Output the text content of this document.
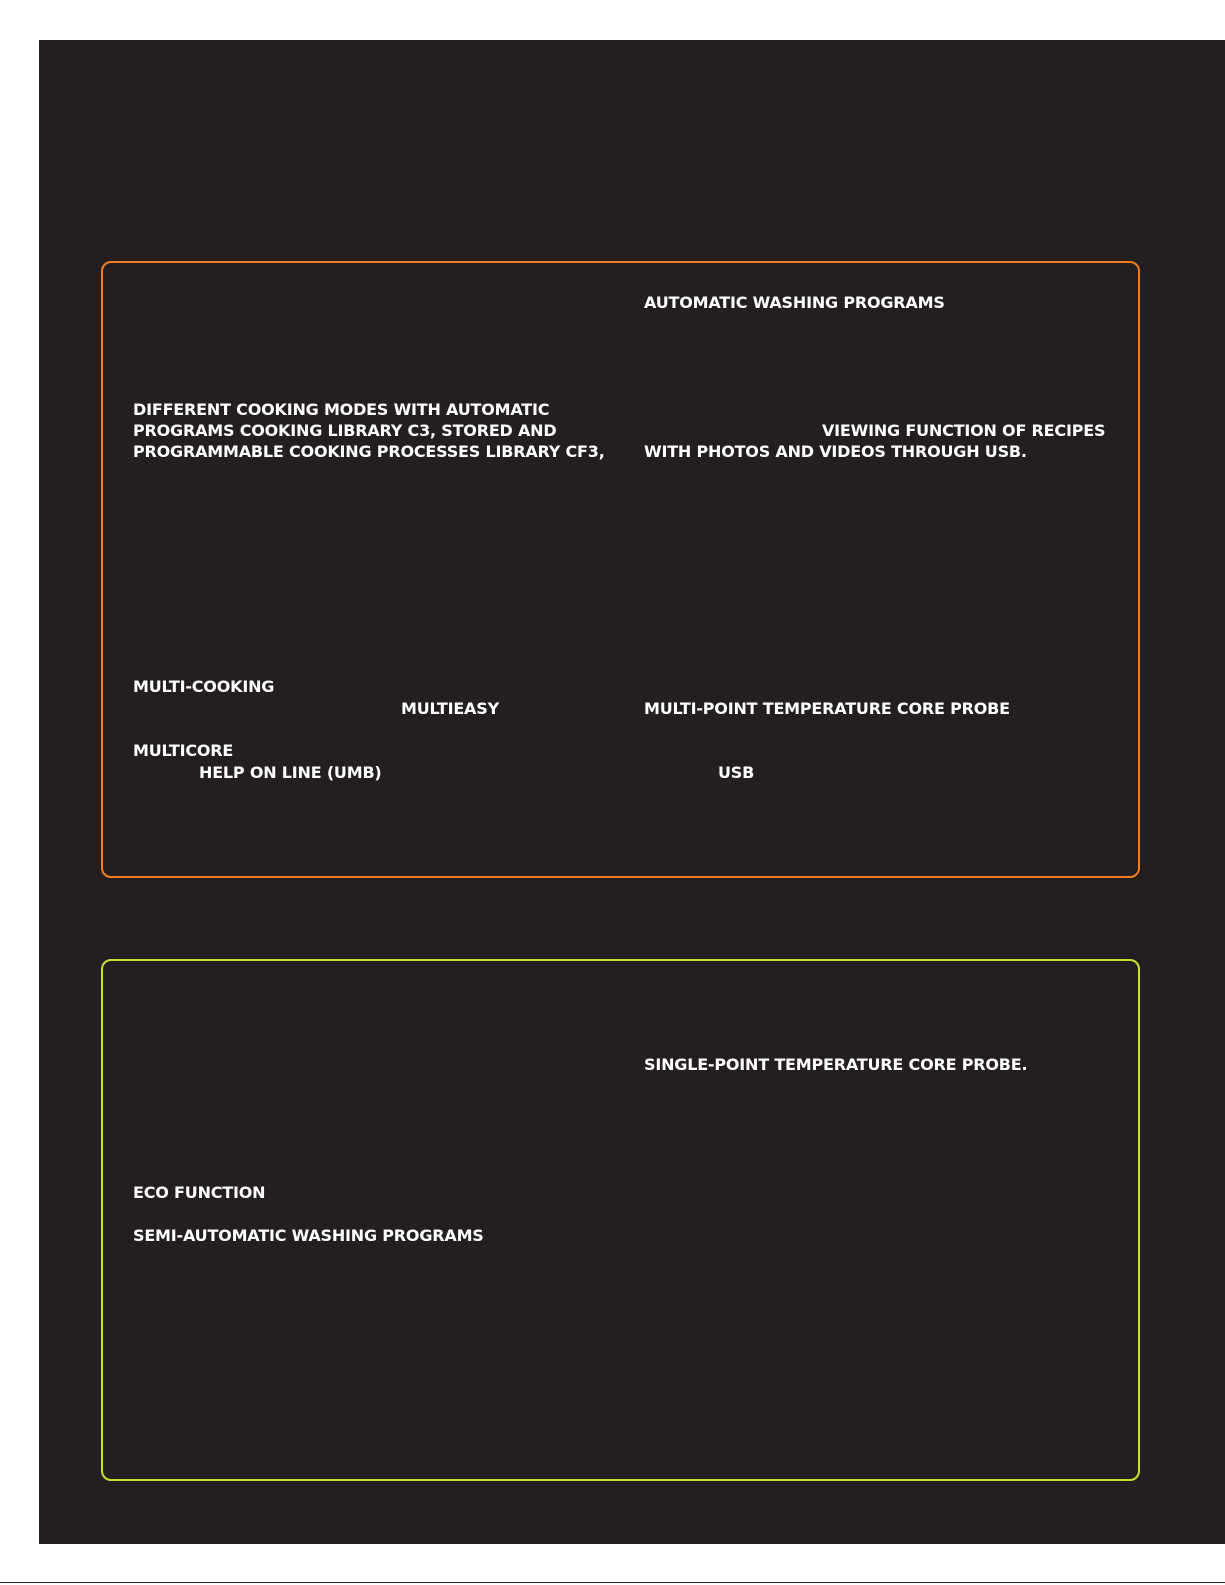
AUTOMATIC WASHING PROGRAMS
DIFFERENT COOKING MODES WITH AUTOMATIC
PROGRAMS COOKING LIBRARY C3, STORED AND
PROGRAMMABLE COOKING PROCESSES LIBRARY CF3,
VIEWING FUNCTION OF RECIPES
WITH PHOTOS AND VIDEOS THROUGH USB.
MULTI-COOKING
MULTIEASY	MULTI-POINT TEMPERATURE CORE PROBE
MULTICORE
HELP ON LINE (UMB)	USB
SINGLE-POINT TEMPERATURE CORE PROBE.
ECO FUNCTION
SEMI-AUTOMATIC WASHING PROGRAMS
